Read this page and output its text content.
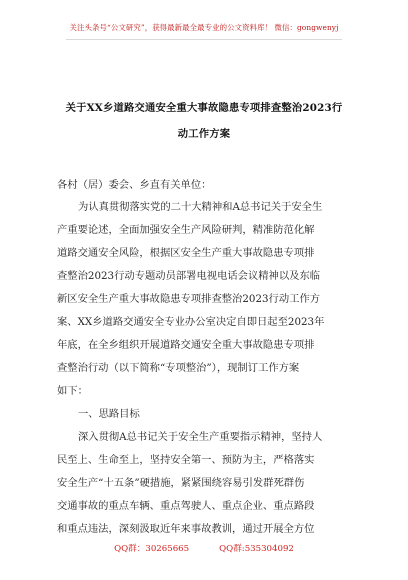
关注头条号“公文研究”，获得最新最全最专业的公文资料库！ 微信：gongwenyj
关于XX乡道路交通安全重大事故隐患专项排查整治2023行
动工作方案
各村（居）委会、乡直有关单位：
为认真贯彻落实党的二十大精神和A总书记关于安全生
产重要论述，全面加强安全生产风险研判，精准防范化解
道路交通安全风险，根据区安全生产重大事故隐患专项排
查整治2023行动专题动员部署电视电话会议精神以及东临
新区安全生产重大事故隐患专项排查整治2023行动工作方
案、XX乡道路交通安全专业办公室决定自即日起至2023年
年底，在全乡组织开展道路交通安全重大事故隐患专项排
查整治行动（以下简称“专项整治”），现制订工作方案
如下：
一、思路目标
深入贯彻A总书记关于安全生产重要指示精神，坚持人
民至上、生命至上，坚持安全第一、预防为主，严格落实
安全生产“十五条”硬措施，紧紧围绕容易引发群死群伤
交通事故的重点车辆、重点驾驶人、重点企业、重点路段
和重点违法，深刻汲取近年来事故教训，通过开展全方位
QQ群：30265665	QQ群:535304092
